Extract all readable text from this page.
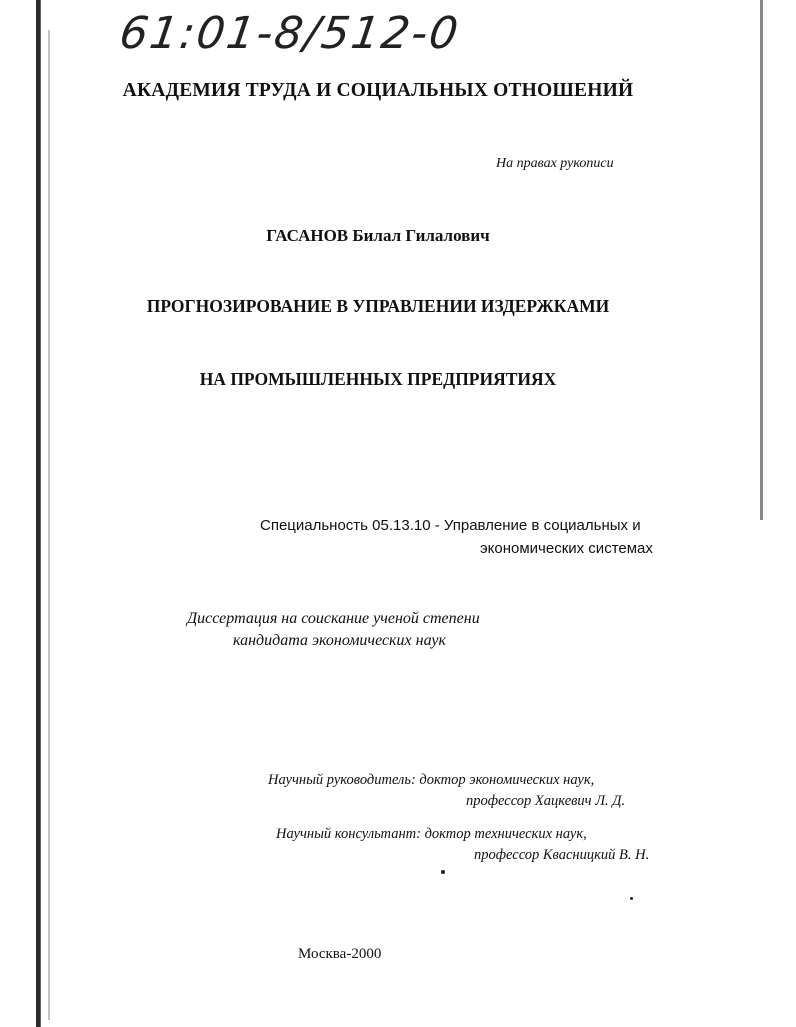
61:01-8/512-0
АКАДЕМИЯ ТРУДА И СОЦИАЛЬНЫХ ОТНОШЕНИЙ
На правах рукописи
ГАСАНОВ Билал Гилалович
ПРОГНОЗИРОВАНИЕ В УПРАВЛЕНИИ ИЗДЕРЖКАМИ
НА ПРОМЫШЛЕННЫХ ПРЕДПРИЯТИЯХ
Специальность 05.13.10 - Управление в социальных и
экономических системах
Диссертация на соискание ученой степени
кандидата экономических наук
Научный руководитель: доктор экономических наук,
профессор Хацкевич Л. Д.
Научный консультант: доктор технических наук,
профессор Квасницкий В. Н.
Москва-2000
